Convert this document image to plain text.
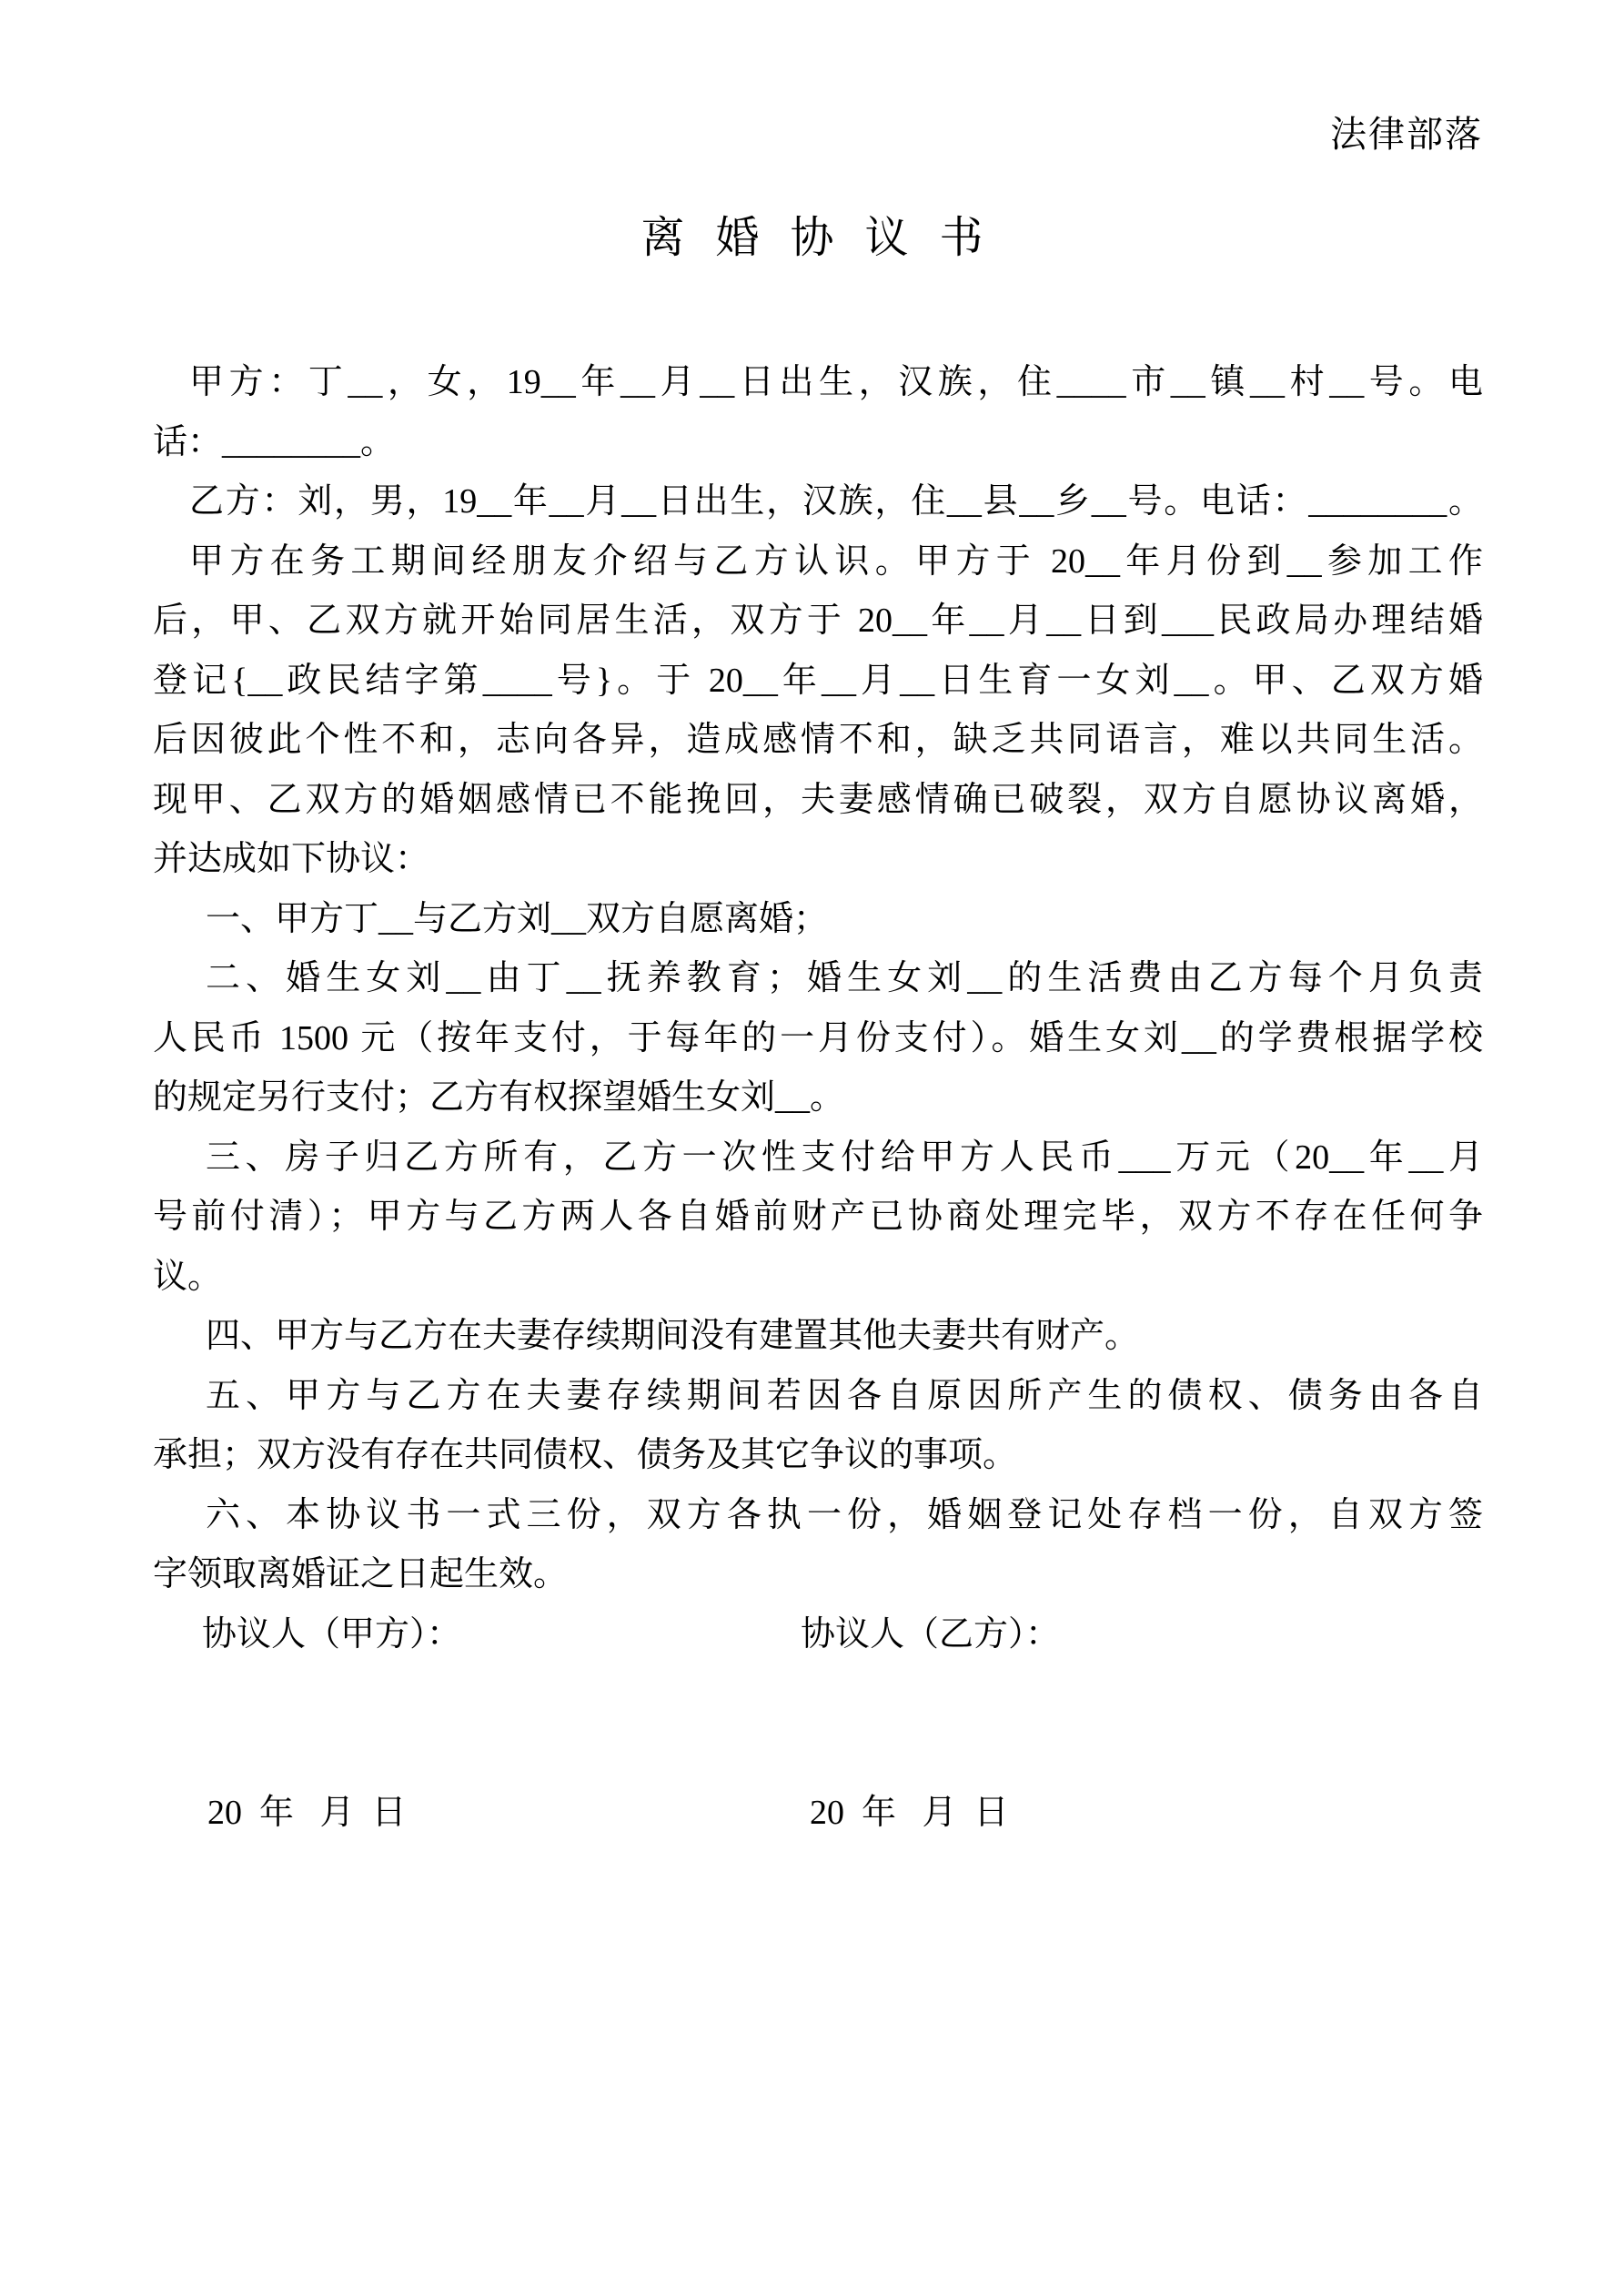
法律部落
离 婚 协 议 书

甲方：丁__，女，19__年__月__日出生，汉族，住____市__镇__村__号。电

话：________。

乙方：刘，男，19__年__月__日出生，汉族，住__县__乡__号。电话：________。

甲方在务工期间经朋友介绍与乙方认识。甲方于 20__年月份到__参加工作

后，甲、乙双方就开始同居生活，双方于 20__年__月__日到___民政局办理结婚

登记{__政民结字第____号}。于 20__年__月__日生育一女刘__。甲、乙双方婚

后因彼此个性不和，志向各异，造成感情不和，缺乏共同语言，难以共同生活。

现甲、乙双方的婚姻感情已不能挽回，夫妻感情确已破裂，双方自愿协议离婚，

并达成如下协议：

一、甲方丁__与乙方刘__双方自愿离婚；

二、婚生女刘__由丁__抚养教育；婚生女刘__的生活费由乙方每个月负责

人民币 1500 元（按年支付，于每年的一月份支付）。婚生女刘__的学费根据学校

的规定另行支付；乙方有权探望婚生女刘__。

三、房子归乙方所有，乙方一次性支付给甲方人民币___万元（20__年__月

号前付清）；甲方与乙方两人各自婚前财产已协商处理完毕，双方不存在任何争

议。

四、甲方与乙方在夫妻存续期间没有建置其他夫妻共有财产。

五、甲方与乙方在夫妻存续期间若因各自原因所产生的债权、债务由各自

承担；双方没有存在共同债权、债务及其它争议的事项。

六、本协议书一式三份，双方各执一份，婚姻登记处存档一份，自双方签

字领取离婚证之日起生效。

协议人（甲方）：	协议人（乙方）：

20  年   月  日	20  年   月  日
